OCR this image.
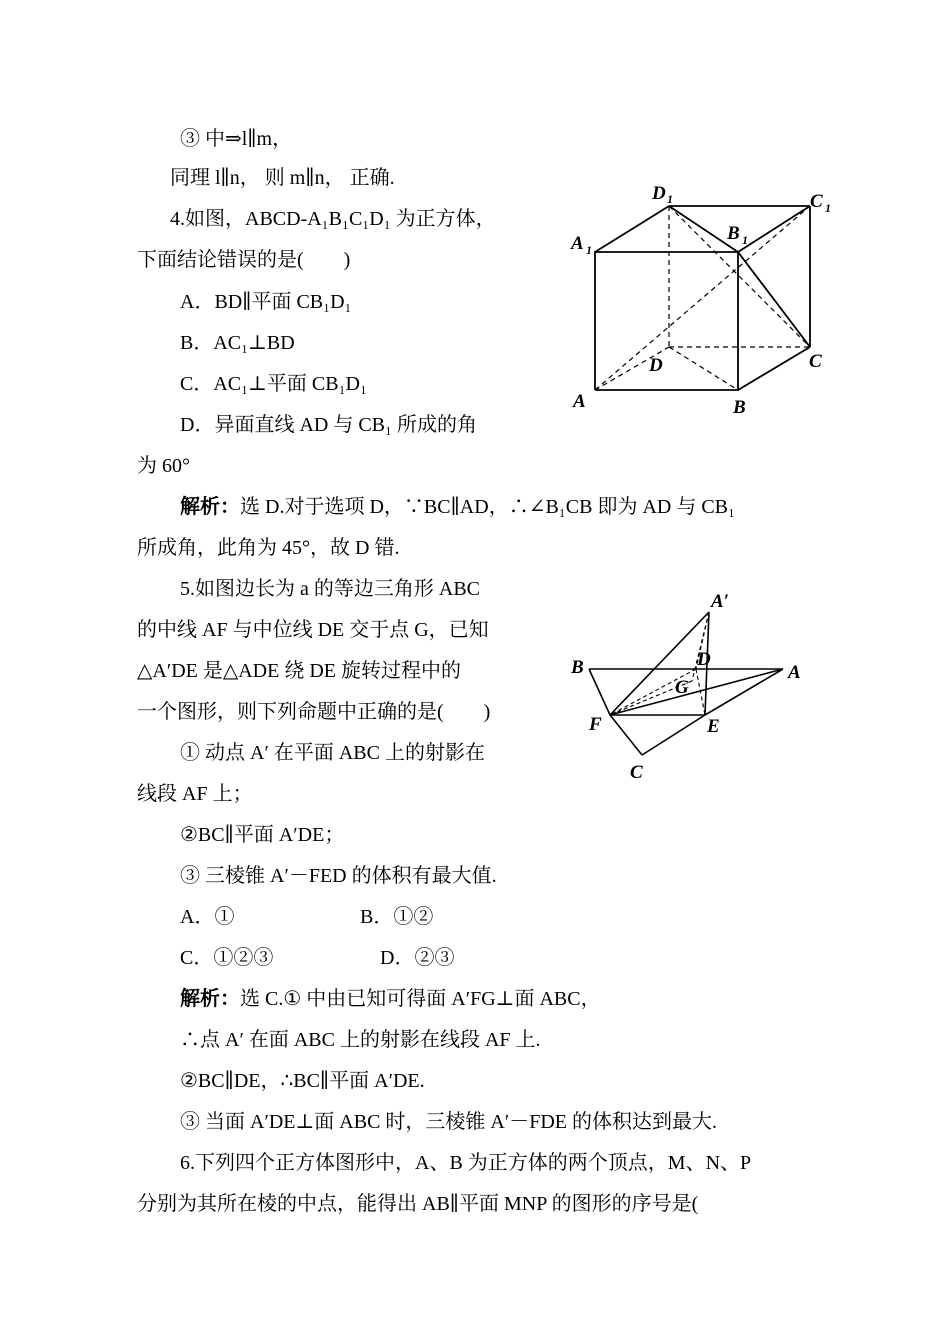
③ 中⇒l∥m，
同理 l∥n， 则 m∥n， 正确.
4.如图，ABCD-A₁B₁C₁D₁ 为正方体，
下面结论错误的是(　　)
A．BD∥平面 CB₁D₁
B．AC₁⊥BD
C．AC₁⊥平面 CB₁D₁
D．异面直线 AD 与 CB₁ 所成的角
为 60°
解析：选 D.对于选项 D，∵BC∥AD，∴∠B₁CB 即为 AD 与 CB₁
所成角，此角为 45°，故 D 错.
5.如图边长为 a 的等边三角形 ABC
的中线 AF 与中位线 DE 交于点 G，已知
△A′DE 是△ADE 绕 DE 旋转过程中的
一个图形，则下列命题中正确的是(　　)
① 动点 A′ 在平面 ABC 上的射影在
线段 AF 上；
②BC∥平面 A′DE；
③ 三棱锥 A′－FED 的体积有最大值.
A．①	B．①②
C．①②③	D．②③
解析：选 C.① 中由已知可得面 A′FG⊥面 ABC，
∴点 A′ 在面 ABC 上的射影在线段 AF 上.
②BC∥DE，∴BC∥平面 A′DE.
③ 当面 A′DE⊥面 ABC 时，三棱锥 A′－FDE 的体积达到最大.
6.下列四个正方体图形中，A、B 为正方体的两个顶点，M、N、P
分别为其所在棱的中点，能得出 AB∥平面 MNP 的图形的序号是(
A	B
C
D
A 1
B 1
C 1
D 1
A′
B	A
D
G
F	E
C
